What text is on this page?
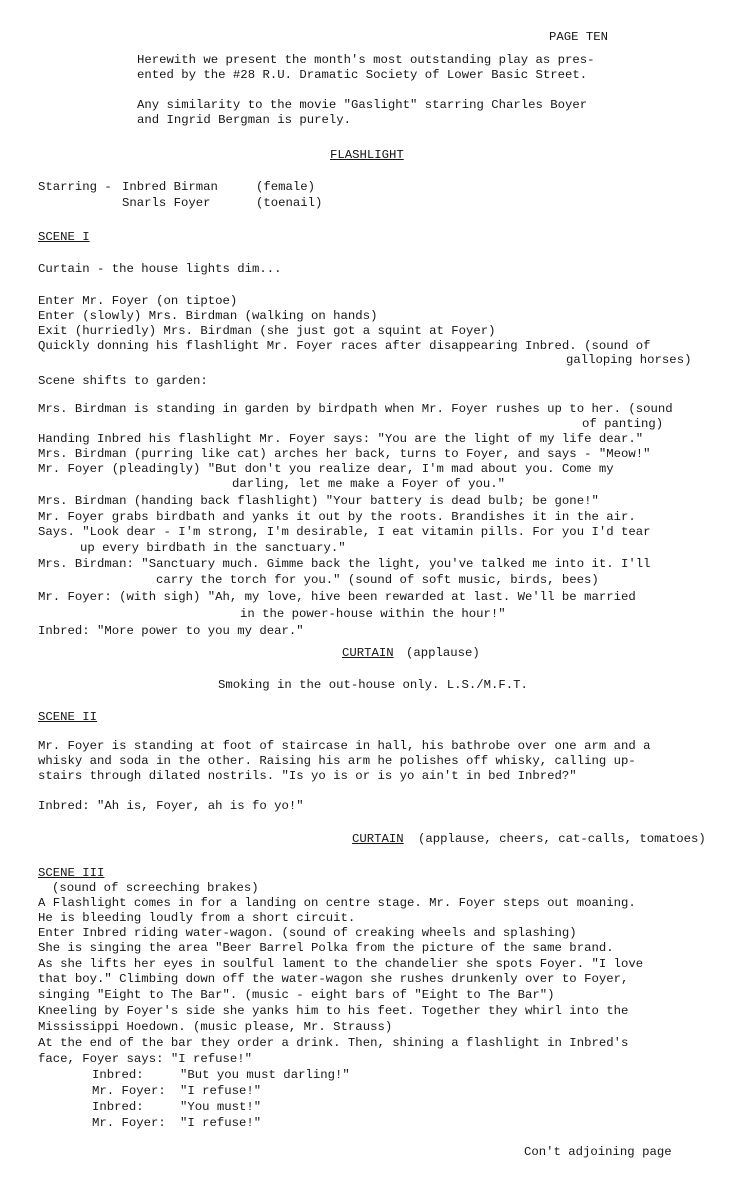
PAGE TEN
Herewith we present the month's most outstanding play as pres-
ented by the #28 R.U. Dramatic Society of Lower Basic Street.
Any similarity to the movie "Gaslight" starring Charles Boyer
and Ingrid Bergman is purely.
FLASHLIGHT
Starring - Inbred Birman	(female)
Snarls Foyer	(toenail)
SCENE I
Curtain - the house lights dim...
Enter Mr. Foyer (on tiptoe)
Enter (slowly) Mrs. Birdman (walking on hands)
Exit (hurriedly) Mrs. Birdman (she just got a squint at Foyer)
Quickly donning his flashlight Mr. Foyer races after disappearing Inbred. (sound of
galloping horses)
Scene shifts to garden:
Mrs. Birdman is standing in garden by birdpath when Mr. Foyer rushes up to her. (sound
of panting)
Handing Inbred his flashlight Mr. Foyer says: "You are the light of my life dear."
Mrs. Birdman (purring like cat) arches her back, turns to Foyer, and says - "Meow!"
Mr. Foyer (pleadingly) "But don't you realize dear, I'm mad about you. Come my
darling, let me make a Foyer of you."
Mrs. Birdman (handing back flashlight) "Your battery is dead bulb; be gone!"
Mr. Foyer grabs birdbath and yanks it out by the roots. Brandishes it in the air.
Says. "Look dear - I'm strong, I'm desirable, I eat vitamin pills. For you I'd tear
up every birdbath in the sanctuary."
Mrs. Birdman: "Sanctuary much. Gimme back the light, you've talked me into it. I'll
carry the torch for you." (sound of soft music, birds, bees)
Mr. Foyer: (with sigh) "Ah, my love, hive been rewarded at last. We'll be married
in the power-house within the hour!"
Inbred: "More power to you my dear."
CURTAIN (applause)
Smoking in the out-house only. L.S./M.F.T.
SCENE II
Mr. Foyer is standing at foot of staircase in hall, his bathrobe over one arm and a
whisky and soda in the other. Raising his arm he polishes off whisky, calling up-
stairs through dilated nostrils. "Is yo is or is yo ain't in bed Inbred?"
Inbred: "Ah is, Foyer, ah is fo yo!"
CURTAIN (applause, cheers, cat-calls, tomatoes)
SCENE III
(sound of screeching brakes)
A Flashlight comes in for a landing on centre stage. Mr. Foyer steps out moaning.
He is bleeding loudly from a short circuit.
Enter Inbred riding water-wagon. (sound of creaking wheels and splashing)
She is singing the area "Beer Barrel Polka from the picture of the same brand.
As she lifts her eyes in soulful lament to the chandelier she spots Foyer. "I love
that boy." Climbing down off the water-wagon she rushes drunkenly over to Foyer,
singing "Eight to The Bar". (music - eight bars of "Eight to The Bar")
Kneeling by Foyer's side she yanks him to his feet. Together they whirl into the
Mississippi Hoedown. (music please, Mr. Strauss)
At the end of the bar they order a drink. Then, shining a flashlight in Inbred's
face, Foyer says: "I refuse!"
Inbred:	"But you must darling!"
Mr. Foyer: "I refuse!"
Inbred:	"You must!"
Mr. Foyer: "I refuse!"
Con't adjoining page
